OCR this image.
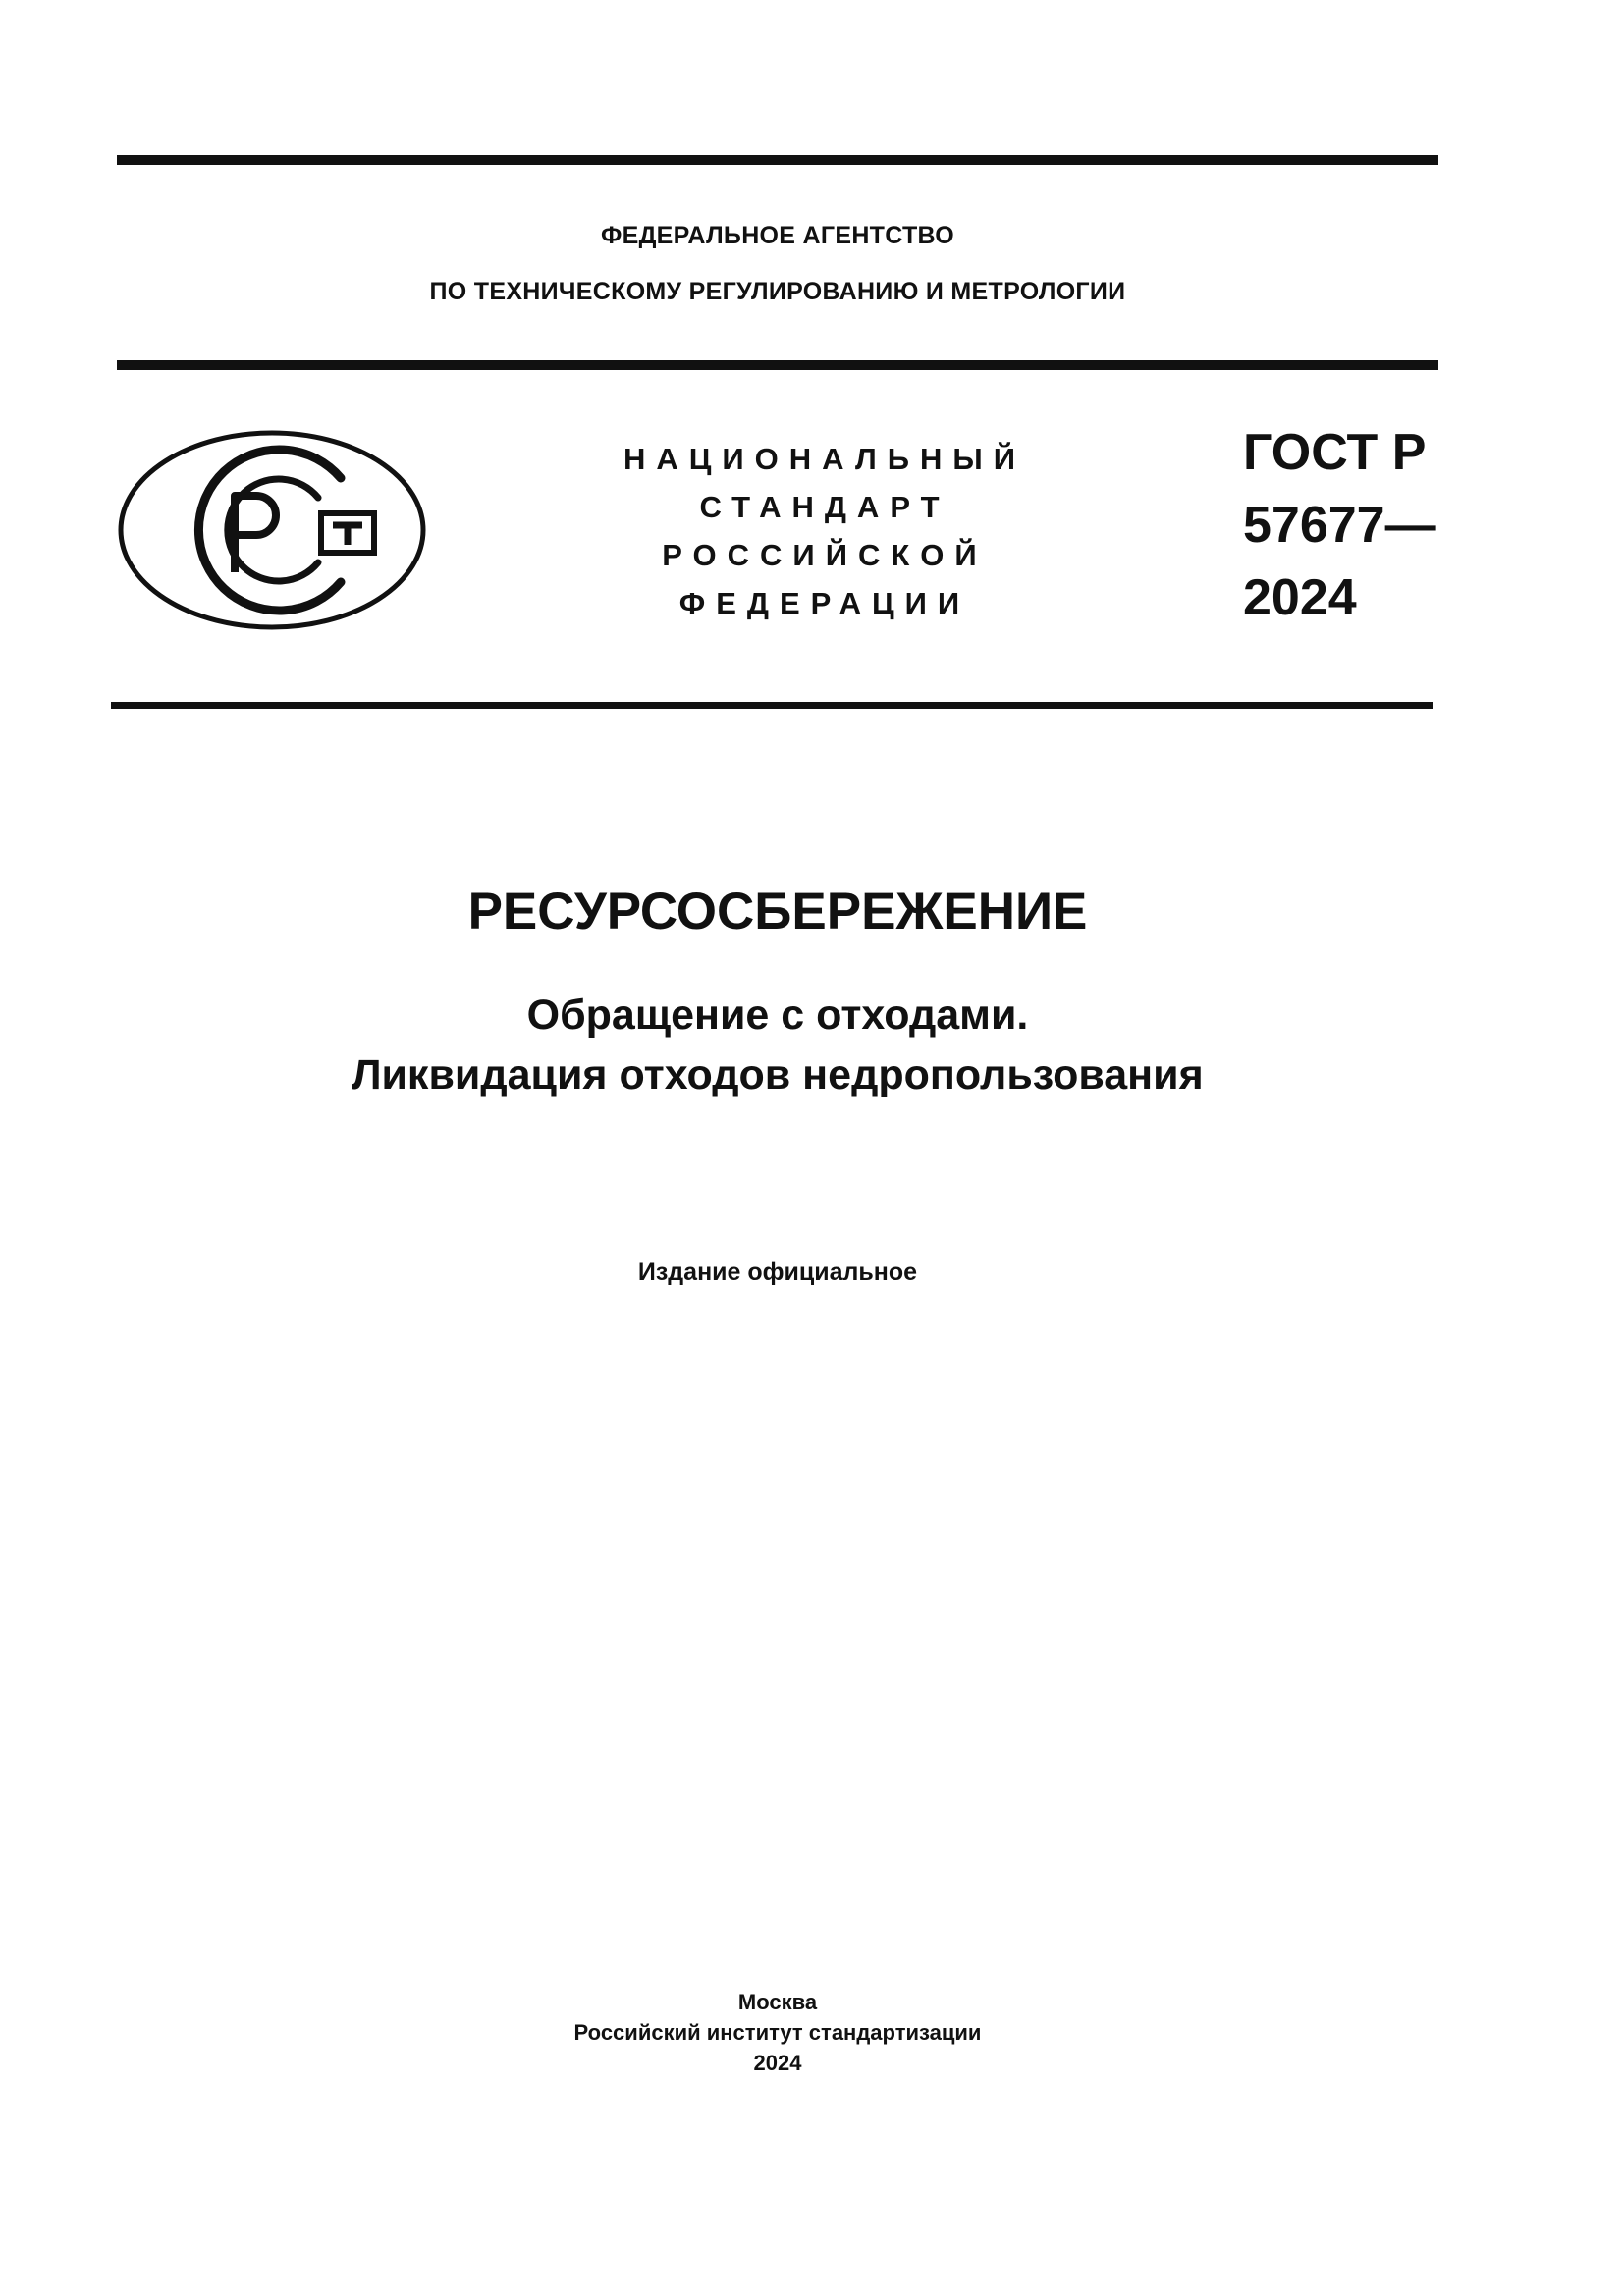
ФЕДЕРАЛЬНОЕ АГЕНТСТВО
ПО ТЕХНИЧЕСКОМУ РЕГУЛИРОВАНИЮ И МЕТРОЛОГИИ
НАЦИОНАЛЬНЫЙ
СТАНДАРТ
РОССИЙСКОЙ
ФЕДЕРАЦИИ
ГОСТ Р
57677—
2024
РЕСУРСОСБЕРЕЖЕНИЕ
Обращение с отходами.
Ликвидация отходов недропользования
Издание официальное
Москва
Российский институт стандартизации
2024
